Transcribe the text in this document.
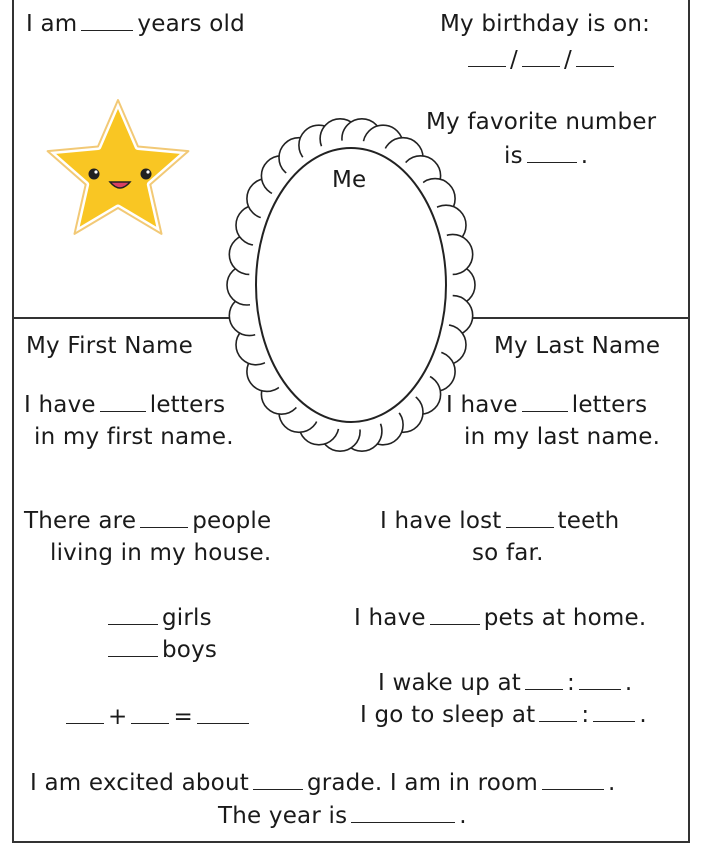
I am	years old	My birthday is on:
/ /
My favorite number
is	.
Me
My First Name
I have letters
in my first name.
My Last Name
I have letters
in my last name.
There are people
living in my house.
I have lost teeth
so far.
girls
boys
+ =
I have	pets at home.
I wake up at : .
I go to sleep at : .
I am excited about	grade. I am in room	.
The year is	.
